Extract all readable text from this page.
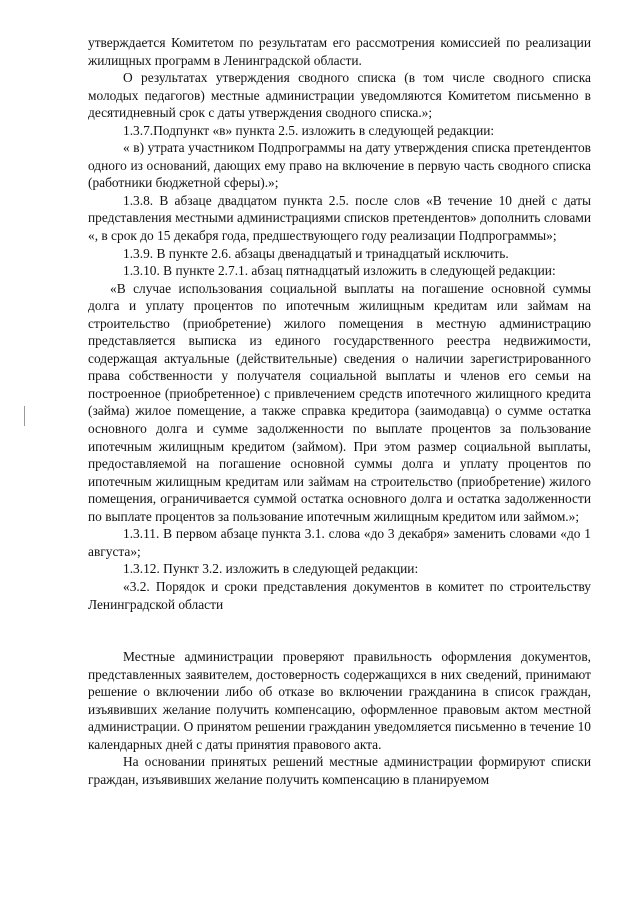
утверждается Комитетом по результатам его рассмотрения комиссией по реализации жилищных программ в Ленинградской области.

О результатах утверждения сводного списка (в том числе сводного списка молодых педагогов) местные администрации уведомляются Комитетом письменно в десятидневный срок с даты утверждения сводного списка.»;

1.3.7.Подпункт «в» пункта 2.5. изложить в следующей редакции:

« в) утрата участником Подпрограммы на дату утверждения списка претендентов одного из оснований, дающих ему право на включение в первую часть сводного списка (работники бюджетной сферы).»;

1.3.8. В абзаце двадцатом пункта 2.5. после слов «В течение 10 дней с даты представления местными администрациями списков претендентов» дополнить словами «, в срок до 15 декабря года, предшествующего году реализации Подпрограммы»;

1.3.9. В пункте 2.6. абзацы двенадцатый и тринадцатый исключить.

1.3.10. В пункте 2.7.1. абзац пятнадцатый изложить в следующей редакции:

«В случае использования социальной выплаты на погашение основной суммы долга и уплату процентов по ипотечным жилищным кредитам или займам на строительство (приобретение) жилого помещения в местную администрацию представляется выписка из единого государственного реестра недвижимости, содержащая актуальные (действительные) сведения о наличии зарегистрированного права собственности у получателя социальной выплаты и членов его семьи на построенное (приобретенное) с привлечением средств ипотечного жилищного кредита (займа) жилое помещение, а также справка кредитора (заимодавца) о сумме остатка основного долга и сумме задолженности по выплате процентов за пользование ипотечным жилищным кредитом (займом). При этом размер социальной выплаты, предоставляемой на погашение основной суммы долга и уплату процентов по ипотечным жилищным кредитам или займам на строительство (приобретение) жилого помещения, ограничивается суммой остатка основного долга и остатка задолженности по выплате процентов за пользование ипотечным жилищным кредитом или займом.»;

1.3.11. В первом абзаце пункта 3.1. слова «до 3 декабря» заменить словами «до 1 августа»;

1.3.12. Пункт 3.2. изложить в следующей редакции:

«3.2. Порядок и сроки представления документов в комитет по строительству Ленинградской области

Местные администрации проверяют правильность оформления документов, представленных заявителем, достоверность содержащихся в них сведений, принимают решение о включении либо об отказе во включении гражданина в список граждан, изъявивших желание получить компенсацию, оформленное правовым актом местной администрации. О принятом решении гражданин уведомляется письменно в течение 10 календарных дней с даты принятия правового акта.

На основании принятых решений местные администрации формируют списки граждан, изъявивших желание получить компенсацию в планируемом
